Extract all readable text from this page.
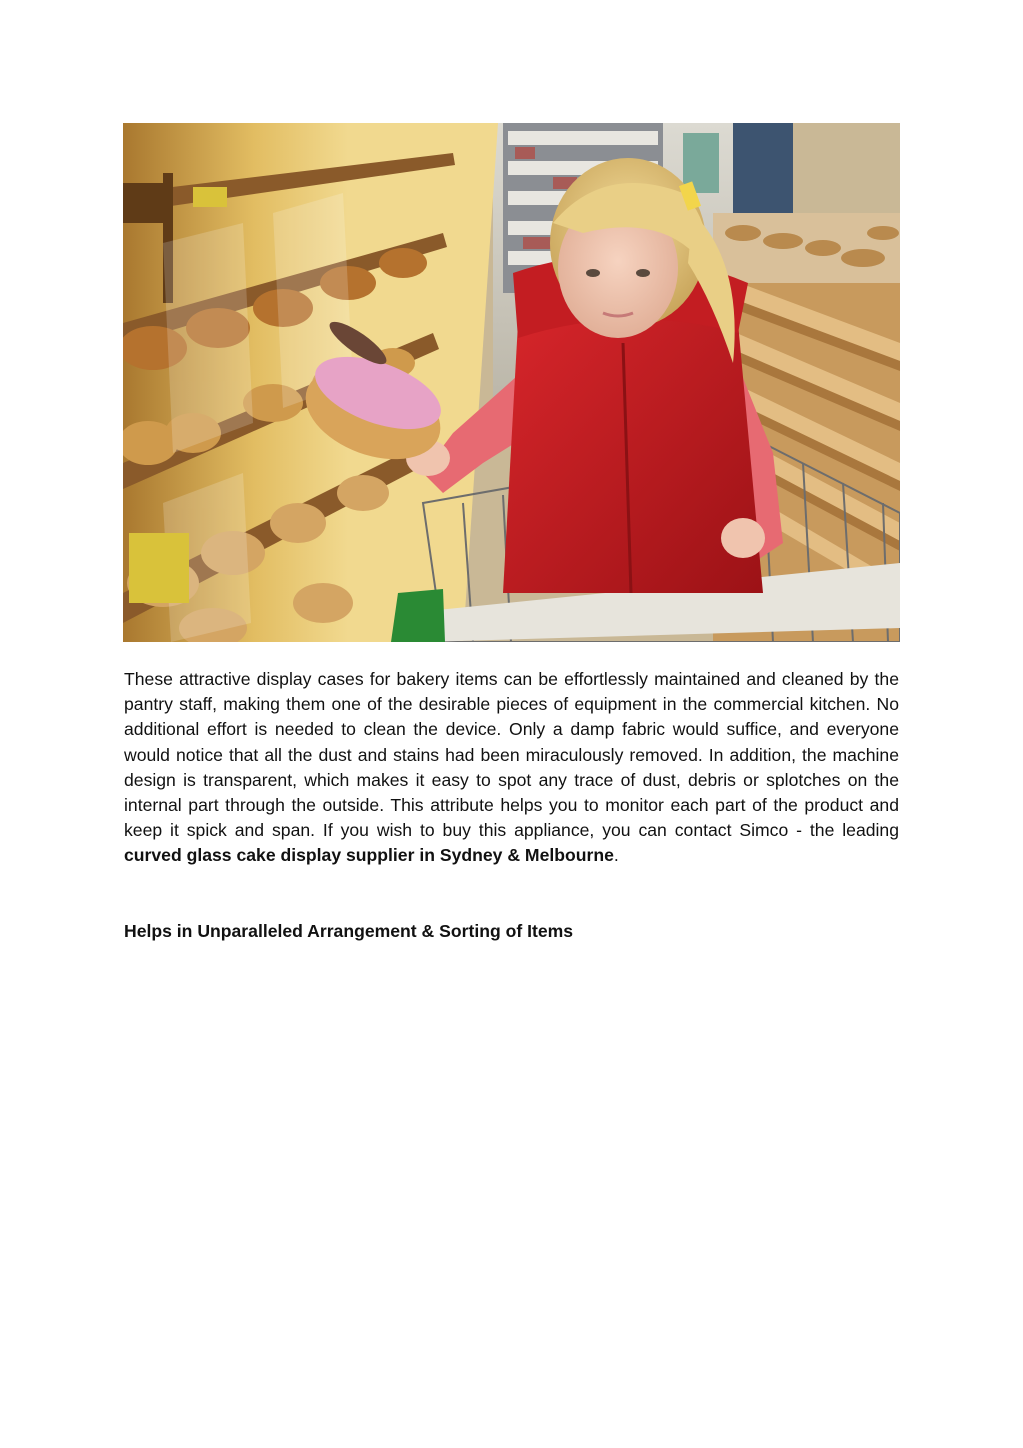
These attractive display cases for bakery items can be effortlessly maintained and cleaned by the pantry staff, making them one of the desirable pieces of equipment in the commercial kitchen. No additional effort is needed to clean the device. Only a damp fabric would suffice, and everyone would notice that all the dust and stains had been miraculously removed. In addition, the machine design is transparent, which makes it easy to spot any trace of dust, debris or splotches on the internal part through the outside. This attribute helps you to monitor each part of the product and keep it spick and span. If you wish to buy this appliance, you can contact Simco - the leading curved glass cake display supplier in Sydney & Melbourne.

Helps in Unparalleled Arrangement & Sorting of Items
